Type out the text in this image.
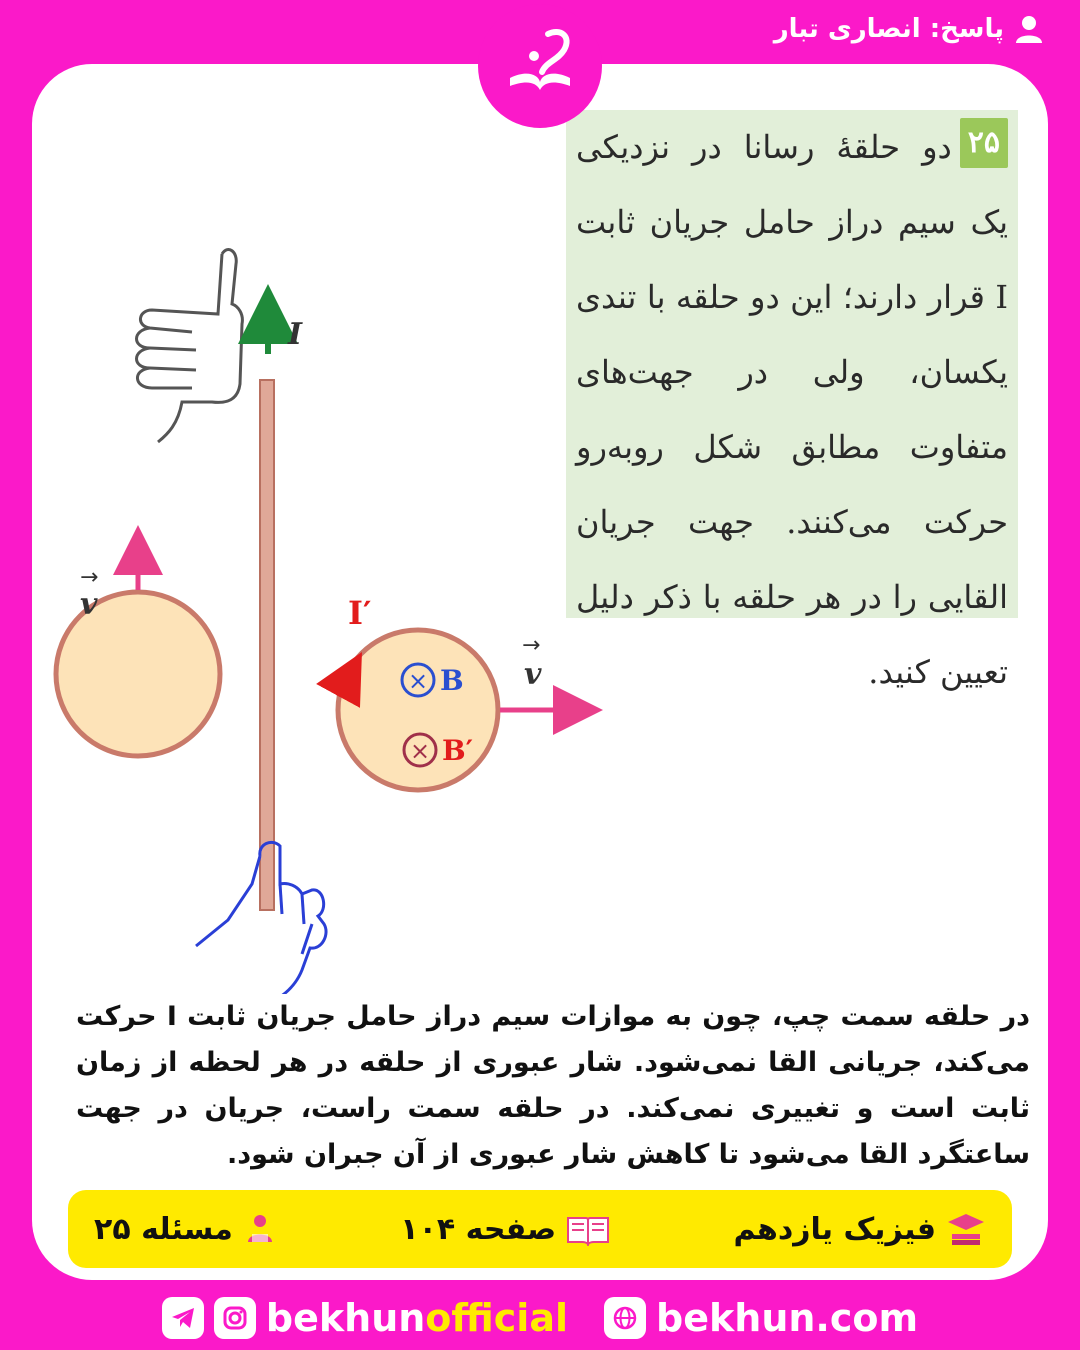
پاسخ: انصاری تبار
۲۵دو حلقهٔ رسانا در نزدیکی یک سیم دراز حامل جریان ثابت I قرار دارند؛ این دو حلقه با تندی یکسان، ولی در جهت‌های متفاوت مطابق شکل روبه‌رو حرکت می‌کنند. جهت جریان القایی را در هر حلقه با ذکر دلیل تعیین کنید.
I
v
→
v
→
I′
× B
× B′
در حلقه سمت چپ، چون به موازات سیم دراز حامل جریان ثابت I حرکت می‌کند، جریانی القا نمی‌شود. شار عبوری از حلقه در هر لحظه از زمان ثابت است و تغییری نمی‌کند. در حلقه سمت راست، جریان در جهت ساعتگرد القا می‌شود تا کاهش شار عبوری از آن جبران شود.
مسئله ۲۵	صفحه ۱۰۴	فیزیک یازدهم
bekhun official bekhun.com
